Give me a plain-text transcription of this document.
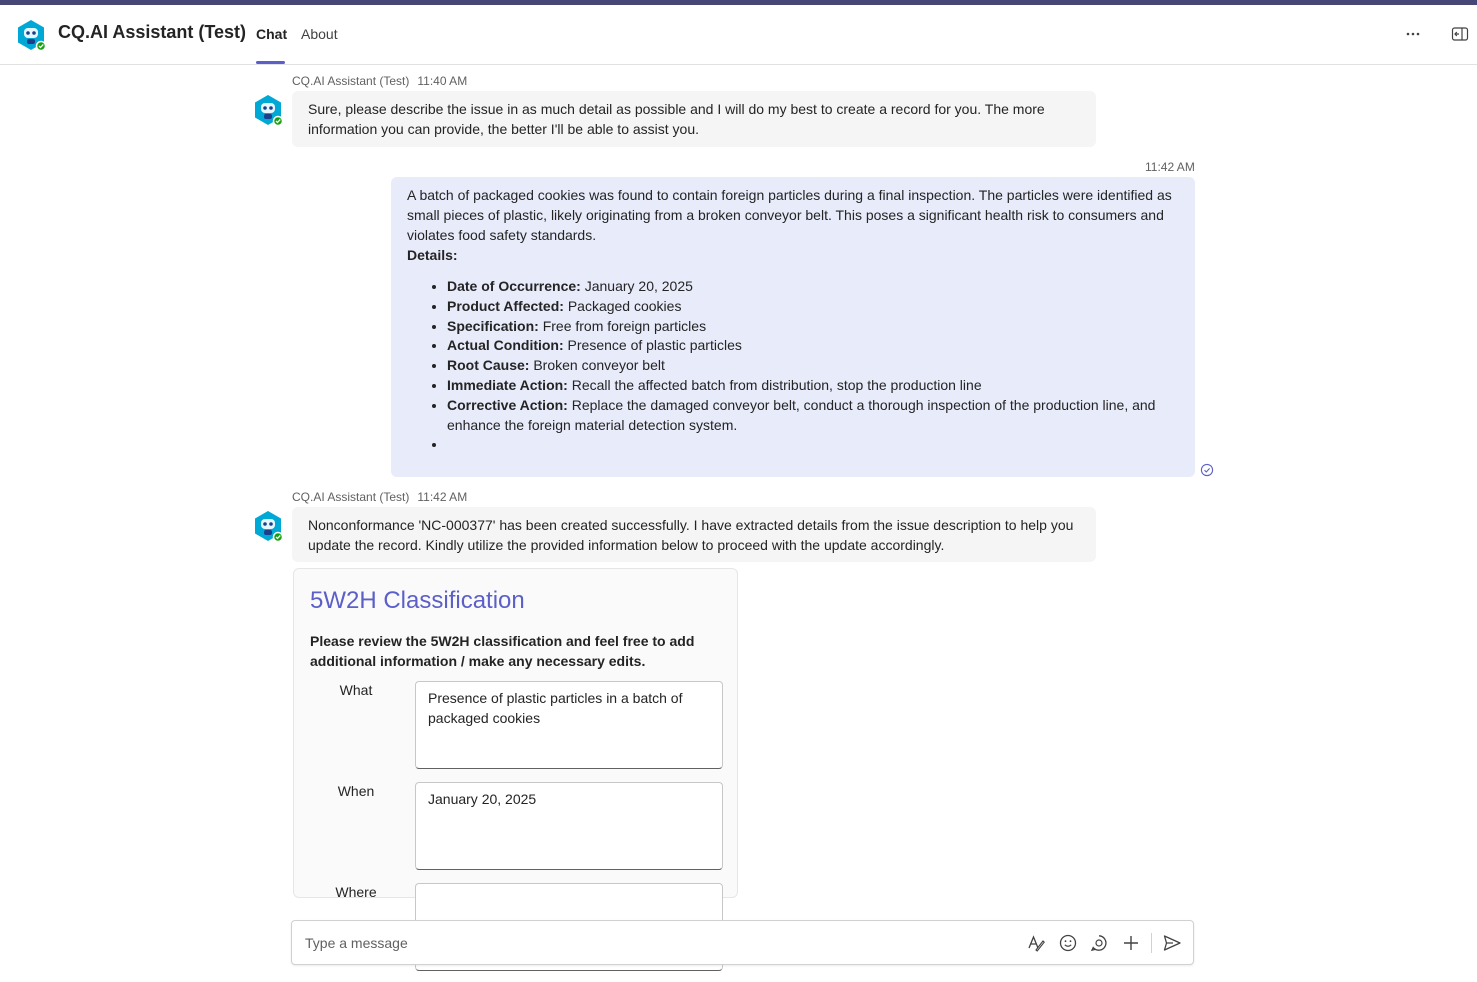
CQ.AI Assistant (Test) Chat About
CQ.AI Assistant (Test) 11:40 AM
Sure, please describe the issue in as much detail as possible and I will do my best to create a record for you. The more information you can provide, the better I'll be able to assist you.
11:42 AM
A batch of packaged cookies was found to contain foreign particles during a final inspection. The particles were identified as small pieces of plastic, likely originating from a broken conveyor belt. This poses a significant health risk to consumers and violates food safety standards.
Details:
• Date of Occurrence: January 20, 2025
• Product Affected: Packaged cookies
• Specification: Free from foreign particles
• Actual Condition: Presence of plastic particles
• Root Cause: Broken conveyor belt
• Immediate Action: Recall the affected batch from distribution, stop the production line
• Corrective Action: Replace the damaged conveyor belt, conduct a thorough inspection of the production line, and enhance the foreign material detection system.
•
CQ.AI Assistant (Test) 11:42 AM
Nonconformance 'NC-000377' has been created successfully. I have extracted details from the issue description to help you update the record. Kindly utilize the provided information below to proceed with the update accordingly.
5W2H Classification
Please review the 5W2H classification and feel free to add additional information / make any necessary edits.
What	Presence of plastic particles in a batch of packaged cookies
When	January 20, 2025
Where
Type a message
